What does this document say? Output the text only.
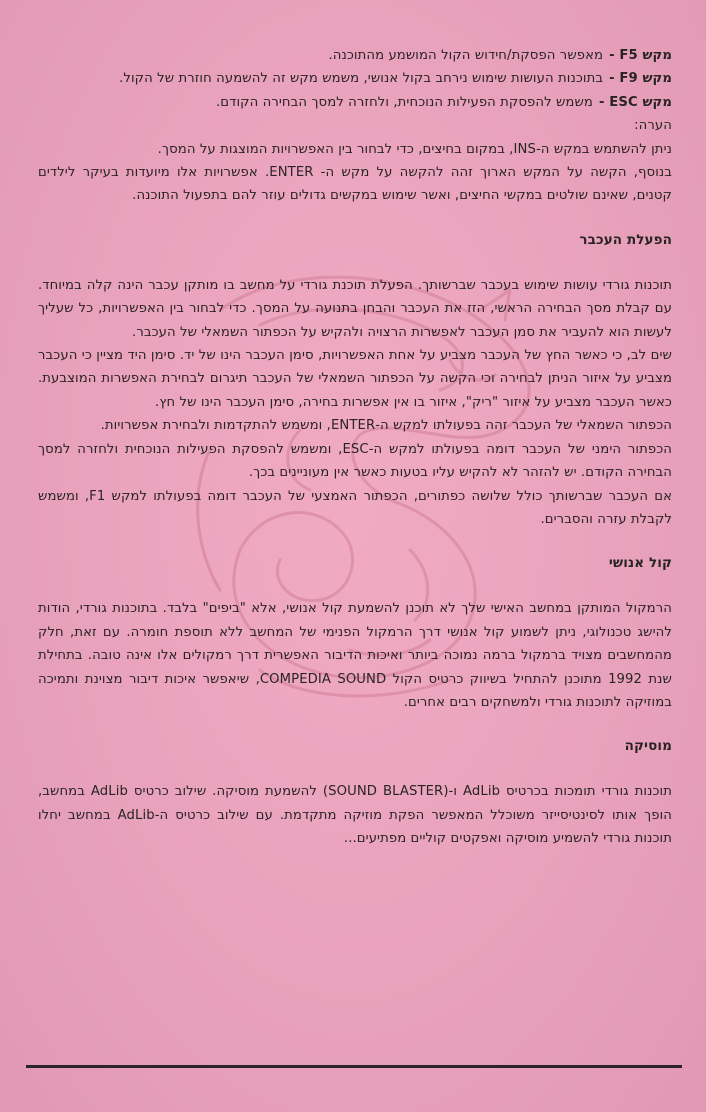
מקש F5 -
מאפשר הפסקת/חידוש הקול המושמע מהתוכנה.
מקש F9 -
בתוכנות העושות שימוש נירחב בקול אנושי, משמש מקש זה להשמעה חוזרת של הקול.
מקש ESC -
משמש להפסקת הפעילות הנוכחית, ולחזרה למסך הבחירה הקודם.

הערה:

ניתן להשתמש במקש ה-INS, במקום בחיצים, כדי לבחור בין האפשרויות המוצגות על המסך.

בנוסף, הקשה על המקש הארוך זהה להקשה על מקש ה- ENTER. אפשרויות אלו מיועדות בעיקר לילדים קטנים, שאינם שולטים במקשי החיצים, ואשר שימוש במקשים גדולים עוזר להם בתפעול התוכנה.

הפעלת העכבר

תוכנות גורדי עושות שימוש בעכבר שברשותך. הפעלת תוכנת גורדי על מחשב בו מותקן עכבר הינה קלה במיוחד. עם קבלת מסך הבחירה הראשי, הזז את העכבר והבחן בתנועה על המסך. כדי לבחור בין האפשרויות, כל שעליך לעשות הוא להעביר את סמן העכבר לאפשרות הרצויה ולהקיש על הכפתור השמאלי של העכבר.

שים לב, כי כאשר החץ של העכבר מצביע על אחת האפשרויות, סימן העכבר הינו של יד. סימן היד מציין כי העכבר מצביע על איזור הניתן לבחירה וכי הקשה על הכפתור השמאלי של העכבר תיגרום לבחירת האפשרות המוצבעת. כאשר העכבר מצביע על איזור "ריק", איזור בו אין אפשרות בחירה, סימן העכבר הינו של חץ.

הכפתור השמאלי של העכבר זהה בפעולתו למקש ה-ENTER, ומשמש להתקדמות ולבחירת אפשרויות.

הכפתור הימני של העכבר דומה בפעולתו למקש ה-ESC, ומשמש להפסקת הפעילות הנוכחית ולחזרה למסך הבחירה הקודם. יש להזהר לא להקיש עליו בטעות כאשר אין מעוניינים בכך.

אם העכבר שברשותך כולל שלושה כפתורים, הכפתור האמצעי של העכבר דומה בפעולתו למקש F1, ומשמש לקבלת עזרה והסברים.

קול אנושי

הרמקול המותקן במחשב האישי שלך לא תוכנן להשמעת קול אנושי, אלא "ביפים" בלבד. בתוכנות גורדי, הודות להישג טכנולוגי, ניתן לשמוע קול אנושי דרך הרמקול הפנימי של המחשב ללא תוספת חומרה. עם זאת, חלק מהמחשבים מצויד ברמקול ברמה נמוכה ביותר ואיכות הדיבור האפשרית דרך רמקולים אלו אינה טובה. בתחילת שנת 1992 מתוכנן להתחיל בשיווק כרטיס הקול COMPEDIA SOUND, שיאפשר איכות דיבור מצוינת ותמיכה במוזיקה לתוכנות גורדי ולמשחקים רבים אחרים.

מוסיקה

תוכנות גורדי תומכות בכרטיס AdLib ו-(SOUND BLASTER) להשמעת מוסיקה. שילוב כרטיס AdLib במחשב, הופך אותו לסינטיסייזר משוכלל המאפשר הפקת מוזיקה מתקדמת. עם שילוב כרטיס ה-AdLib במחשב יחלו תוכנות גורדי להשמיע מוסיקה ואפקטים קוליים מפתיעים...
